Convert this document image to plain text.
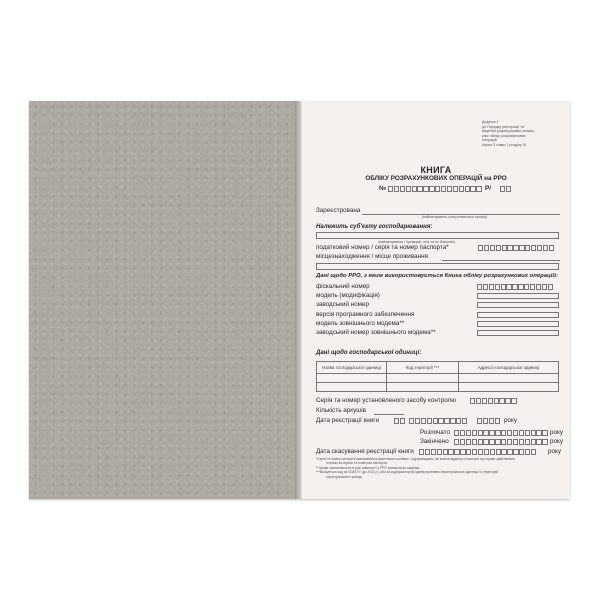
Додаток 1
до Порядку реєстрації та
ведення розрахункових книжок,
книг обліку розрахункових
операцій
(пункт 3 глави 1 розділу II)
КНИГА
ОБЛІКУ РОЗРАХУНКОВИХ ОПЕРАЦІЙ на РРО
№	Р/
Зареєстрована
(найменування контролюючого органу)
Належить суб'єкту господарювання:
(найменування / прізвище, ім'я та по батькові)
податковий номер / серія та номер паспорта*
місцезнаходження / місце проживання
Дані щодо РРО, з яким використовується Книга обліку розрахункових операцій:
фіскальний номер
модель (модифікація)
заводський номер
версія програмного забезпечення
модель зовнішнього модема**
заводський номер зовнішнього модема**
Дані щодо господарської одиниці:
Назва господарської одиниці	Код території ***	Адреса господарської одиниці

Серія та номер установленого засобу контролю
Кількість аркушів
Дата реєстрації книги	року
Розпочато	року
Закінчено	року
Дата скасування реєстрації книги	року
*Серія та номер паспорта зазначаються фізичними особами - підприємцями, які мають відмітку в паспорті про право здійснювати
платежі за серією та номером паспорта.
**Графи заповнюються в разі наявності у РРО зовнішнього модема.
***Вказується код за КОАТУУ (до 2021 р.) або за кодифікатором адміністративно-територіальних одиниць та територій
територіальних громад.
